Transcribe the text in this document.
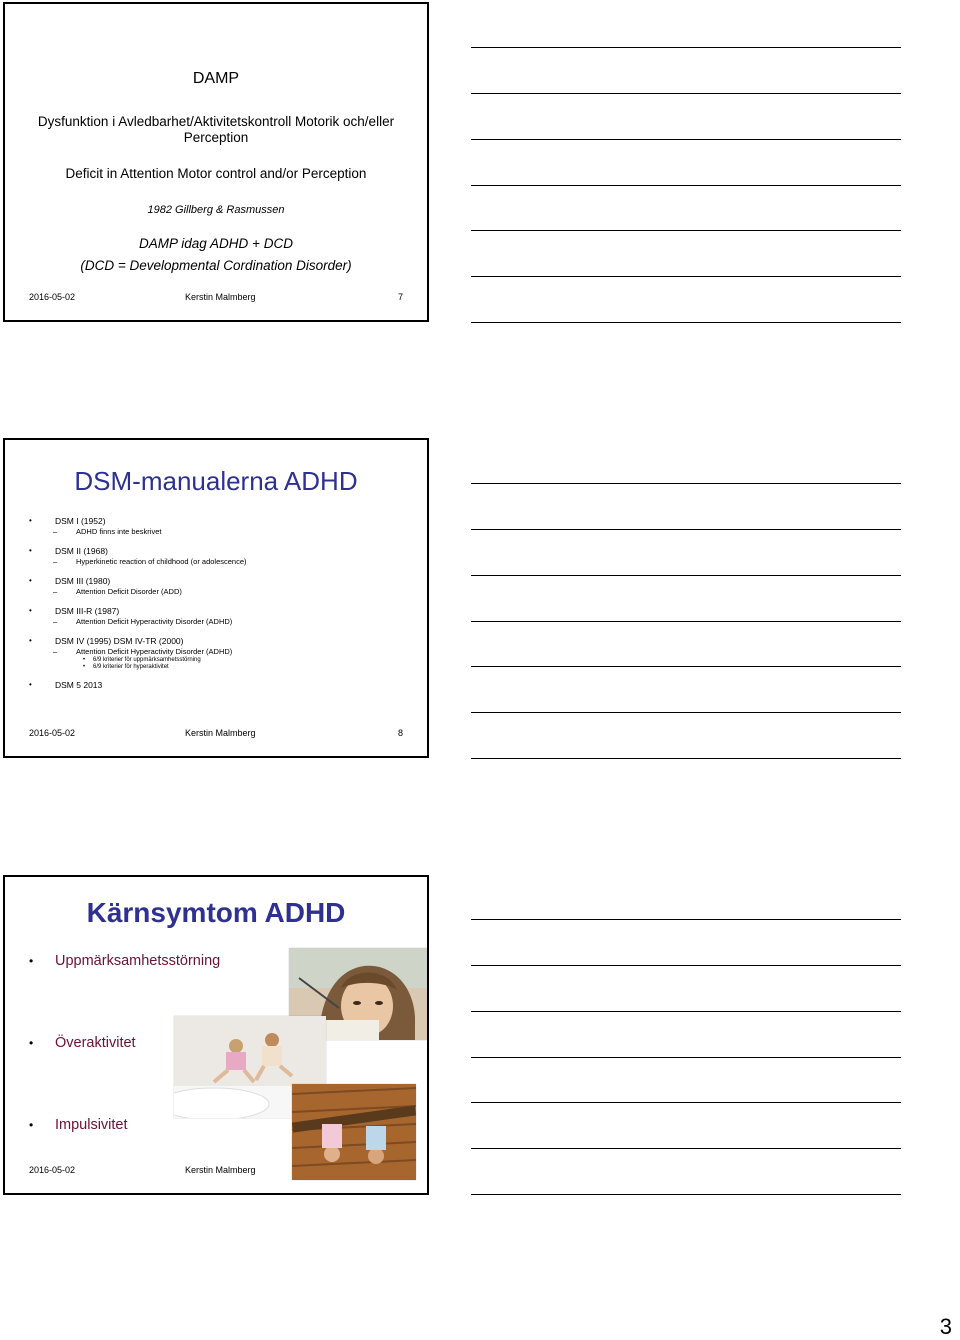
DAMP
Dysfunktion i Avledbarhet/Aktivitetskontroll Motorik och/eller Perception
Deficit in Attention Motor control and/or Perception
1982 Gillberg & Rasmussen
DAMP idag ADHD + DCD
(DCD = Developmental Cordination Disorder)
2016-05-02	Kerstin Malmberg	7
DSM-manualerna ADHD
• DSM I (1952)
– ADHD finns inte beskrivet
• DSM II (1968)
– Hyperkinetic reaction of childhood (or adolescence)
• DSM III (1980)
– Attention Deficit Disorder (ADD)
• DSM III-R (1987)
– Attention Deficit Hyperactivity Disorder (ADHD)
• DSM IV (1995) DSM IV-TR (2000)
– Attention Deficit Hyperactivity Disorder (ADHD)
• 6/9 kriterier för uppmärksamhetsstörning
• 6/9 kriterier för hyperaktivitet
• DSM 5 2013
2016-05-02	Kerstin Malmberg	8
Kärnsymtom ADHD
• Uppmärksamhetsstörning
• Överaktivitet
• Impulsivitet
2016-05-02	Kerstin Malmberg
3
